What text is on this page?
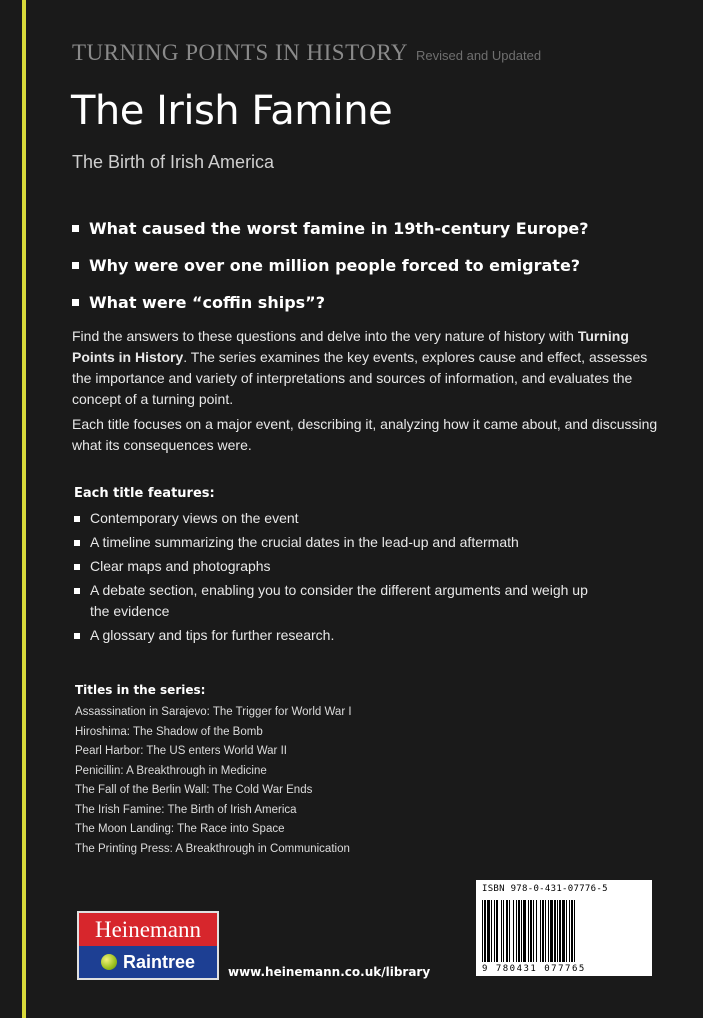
TURNING POINTS IN HISTORY Revised and Updated
The Irish Famine

The Birth of Irish America

What caused the worst famine in 19th-century Europe?
Why were over one million people forced to emigrate?
What were “coffin ships”?

Find the answers to these questions and delve into the very nature of history with Turning Points in History. The series examines the key events, explores cause and effect, assesses the importance and variety of interpretations and sources of information, and evaluates the concept of a turning point.

Each title focuses on a major event, describing it, analyzing how it came about, and discussing what its consequences were.

Each title features:

Contemporary views on the event
A timeline summarizing the crucial dates in the lead-up and aftermath
Clear maps and photographs
A debate section, enabling you to consider the different arguments and weigh up the evidence
A glossary and tips for further research.

Titles in the series:

Assassination in Sarajevo: The Trigger for World War I
Hiroshima: The Shadow of the Bomb
Pearl Harbor: The US enters World War II
Penicillin: A Breakthrough in Medicine
The Fall of the Berlin Wall: The Cold War Ends
The Irish Famine: The Birth of Irish America
The Moon Landing: The Race into Space
The Printing Press: A Breakthrough in Communication
Heinemann
Raintree

www.heinemann.co.uk/library

ISBN 978-0-431-07776-5
9 780431 077765
